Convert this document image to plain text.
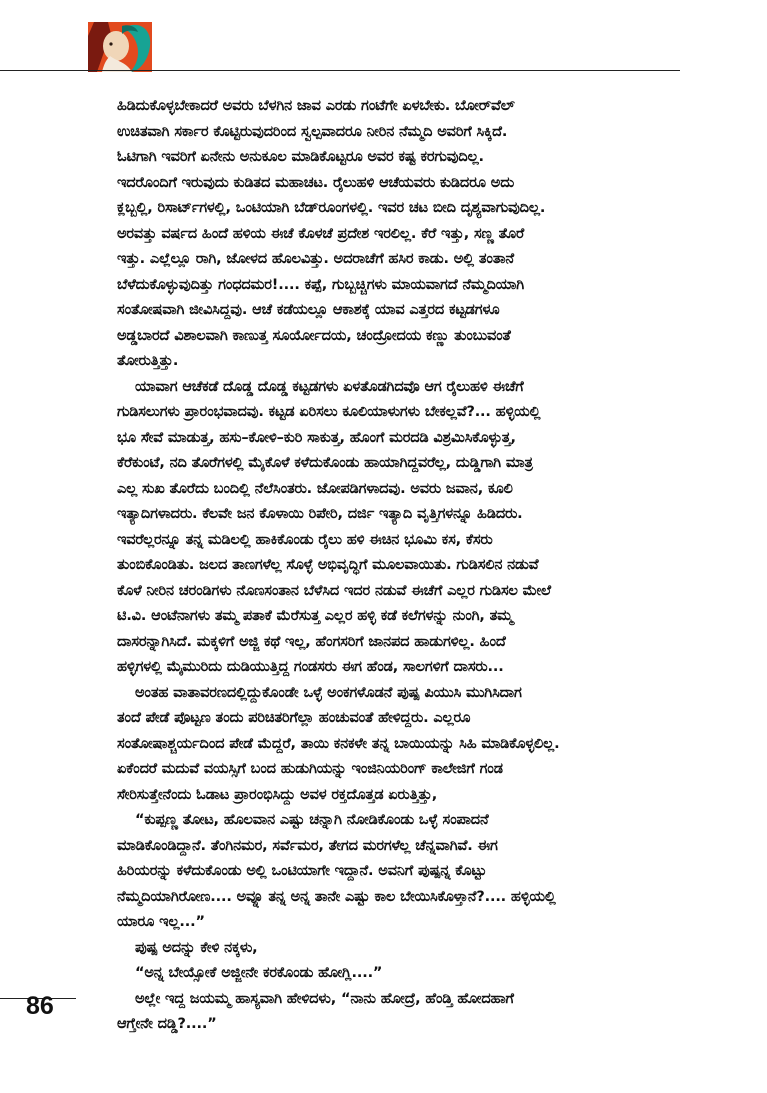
ಹಿಡಿದುಕೊಳ್ಳಬೇಕಾದರೆ ಅವರು ಬೆಳಗಿನ ಜಾವ ಎರಡು ಗಂಟೆಗೇ ಏಳಬೇಕು. ಬೋರ್‌ವೆಲ್
ಉಚಿತವಾಗಿ ಸರ್ಕಾರ ಕೊಟ್ಟಿರುವುದರಿಂದ ಸ್ವಲ್ಪವಾದರೂ ನೀರಿನ ನೆಮ್ಮದಿ ಅವರಿಗೆ ಸಿಕ್ಕಿದೆ.
ಓಟಿಗಾಗಿ ಇವರಿಗೆ ಏನೇನು ಅನುಕೂಲ ಮಾಡಿಕೊಟ್ಟರೂ ಅವರ ಕಷ್ಟ ಕರಗುವುದಿಲ್ಲ.
ಇದರೊಂದಿಗೆ ಇರುವುದು ಕುಡಿತದ ಮಹಾಚಟ. ರೈಲುಹಳಿ ಆಚೆಯವರು ಕುಡಿದರೂ ಅದು
ಕ್ಲಬ್ಬಲ್ಲಿ, ರಿಸಾರ್ಟ್‌ಗಳಲ್ಲಿ, ಒಂಟಿಯಾಗಿ ಬೆಡ್‌ರೂಂಗಳಲ್ಲಿ. ಇವರ ಚಟ ಬೀದಿ ದೃಶ್ಯವಾಗುವುದಿಲ್ಲ.
ಅರವತ್ತು ವರ್ಷದ ಹಿಂದೆ ಹಳಿಯ ಈಚೆ ಕೊಳಚೆ ಪ್ರದೇಶ ಇರಲಿಲ್ಲ. ಕೆರೆ ಇತ್ತು, ಸಣ್ಣ ತೊರೆ
ಇತ್ತು. ಎಲ್ಲೆಲ್ಲೂ ರಾಗಿ, ಜೋಳದ ಹೊಲವಿತ್ತು. ಅದರಾಚೆಗೆ ಹಸಿರ ಕಾಡು. ಅಲ್ಲಿ ತಂತಾನೆ
ಬೆಳೆದುಕೊಳ್ಳುವುದಿತ್ತು ಗಂಧದಮರ!.... ಕಪ್ಪೆ, ಗುಬ್ಬಚ್ಚಿಗಳು ಮಾಯವಾಗದೆ ನೆಮ್ಮದಿಯಾಗಿ
ಸಂತೋಷವಾಗಿ ಜೀವಿಸಿದ್ದವು. ಆಚೆ ಕಡೆಯಲ್ಲೂ ಆಕಾಶಕ್ಕೆ ಯಾವ ಎತ್ತರದ ಕಟ್ಟಡಗಳೂ
ಅಡ್ಡಬಾರದೆ ವಿಶಾಲವಾಗಿ ಕಾಣುತ್ತ ಸೂರ್ಯೋದಯ, ಚಂದ್ರೋದಯ ಕಣ್ಣು ತುಂಬುವಂತೆ
ತೋರುತ್ತಿತ್ತು.
ಯಾವಾಗ ಆಚೆಕಡೆ ದೊಡ್ಡ ದೊಡ್ಡ ಕಟ್ಟಡಗಳು ಏಳತೊಡಗಿದವೊ ಆಗ ರೈಲುಹಳಿ ಈಚೆಗೆ
ಗುಡಿಸಲುಗಳು ಪ್ರಾರಂಭವಾದವು. ಕಟ್ಟಡ ಏರಿಸಲು ಕೂಲಿಯಾಳುಗಳು ಬೇಕಲ್ಲವೆ?... ಹಳ್ಳಿಯಲ್ಲಿ
ಭೂ ಸೇವೆ ಮಾಡುತ್ತ, ಹಸು–ಕೋಳಿ–ಕುರಿ ಸಾಕುತ್ತ, ಹೊಂಗೆ ಮರದಡಿ ವಿಶ್ರಮಿಸಿಕೊಳ್ಳುತ್ತ,
ಕೆರೆಕುಂಟೆ, ನದಿ ತೊರೆಗಳಲ್ಲಿ ಮೈಕೊಳೆ ಕಳೆದುಕೊಂಡು ಹಾಯಾಗಿದ್ದವರೆಲ್ಲ, ದುಡ್ಡಿಗಾಗಿ ಮಾತ್ರ
ಎಲ್ಲ ಸುಖ ತೊರೆದು ಬಂದಿಲ್ಲಿ ನೆಲೆಸಿಂತರು. ಜೋಪಡಿಗಳಾದವು. ಅವರು ಜವಾನ, ಕೂಲಿ
ಇತ್ಯಾದಿಗಳಾದರು. ಕೆಲವೇ ಜನ ಕೊಳಾಯಿ ರಿಪೇರಿ, ದರ್ಜಿ ಇತ್ಯಾದಿ ವೃತ್ತಿಗಳನ್ನೂ ಹಿಡಿದರು.
ಇವರೆಲ್ಲರನ್ನೂ ತನ್ನ ಮಡಿಲಲ್ಲಿ ಹಾಕಿಕೊಂಡು ರೈಲು ಹಳಿ ಈಚಿನ ಭೂಮಿ ಕಸ, ಕೆಸರು
ತುಂಬಿಕೊಂಡಿತು. ಜಲದ ತಾಣಗಳೆಲ್ಲ ಸೊಳ್ಳೆ ಅಭಿವೃದ್ಧಿಗೆ ಮೂಲವಾಯಿತು. ಗುಡಿಸಲಿನ ನಡುವೆ
ಕೊಳೆ ನೀರಿನ ಚರಂಡಿಗಳು ನೊಣಸಂತಾನ ಬೆಳೆಸಿದ ಇದರ ನಡುವೆ ಈಚೆಗೆ ಎಲ್ಲರ ಗುಡಿಸಲ ಮೇಲೆ
ಟಿ.ವಿ. ಆಂಟೆನಾಗಳು ತಮ್ಮ ಪತಾಕೆ ಮೆರೆಸುತ್ತ ಎಲ್ಲರ ಹಳ್ಳಿ ಕಡೆ ಕಲೆಗಳನ್ನು ನುಂಗಿ, ತಮ್ಮ
ದಾಸರನ್ನಾಗಿಸಿದೆ. ಮಕ್ಕಳಿಗೆ ಅಜ್ಜಿ ಕಥೆ ಇಲ್ಲ, ಹೆಂಗಸರಿಗೆ ಜಾನಪದ ಹಾಡುಗಳಿಲ್ಲ. ಹಿಂದೆ
ಹಳ್ಳಿಗಳಲ್ಲಿ ಮೈಮುರಿದು ದುಡಿಯುತ್ತಿದ್ದ ಗಂಡಸರು ಈಗ ಹೆಂಡ, ಸಾಲಗಳಿಗೆ ದಾಸರು...
ಅಂತಹ ವಾತಾವರಣದಲ್ಲಿದ್ದುಕೊಂಡೇ ಒಳ್ಳೆ ಅಂಕಗಳೊಡನೆ ಪುಷ್ಪ ಪಿಯುಸಿ ಮುಗಿಸಿದಾಗ
ತಂದೆ ಪೇಡೆ ಪೊಟ್ಟಣ ತಂದು ಪರಿಚಿತರಿಗೆಲ್ಲಾ ಹಂಚುವಂತೆ ಹೇಳಿದ್ದರು. ಎಲ್ಲರೂ
ಸಂತೋಷಾಶ್ಚರ್ಯದಿಂದ ಪೇಡೆ ಮೆದ್ದರೆ, ತಾಯಿ ಕನಕಳೇ ತನ್ನ ಬಾಯಿಯನ್ನು ಸಿಹಿ ಮಾಡಿಕೊಳ್ಳಲಿಲ್ಲ.
ಏಕೆಂದರೆ ಮದುವೆ ವಯಸ್ಸಿಗೆ ಬಂದ ಹುಡುಗಿಯನ್ನು ಇಂಜಿನಿಯರಿಂಗ್ ಕಾಲೇಜಿಗೆ ಗಂಡ
ಸೇರಿಸುತ್ತೇನೆಂದು ಓಡಾಟ ಪ್ರಾರಂಭಿಸಿದ್ದು ಅವಳ ರಕ್ತದೊತ್ತಡ ಏರುತ್ತಿತ್ತು,
“ಕುಪ್ಪಣ್ಣ ತೋಟ, ಹೊಲವಾನ ಎಷ್ಟು ಚನ್ನಾಗಿ ನೋಡಿಕೊಂಡು ಒಳ್ಳೆ ಸಂಪಾದನೆ
ಮಾಡಿಕೊಂಡಿದ್ದಾನೆ. ತೆಂಗಿನಮರ, ಸರ್ವೆಮರ, ತೇಗದ ಮರಗಳೆಲ್ಲ ಚೆನ್ನವಾಗಿವೆ. ಈಗ
ಹಿರಿಯರನ್ನು ಕಳೆದುಕೊಂಡು ಅಲ್ಲಿ ಒಂಟಿಯಾಗೇ ಇದ್ದಾನೆ. ಅವನಿಗೆ ಪುಷ್ಪನ್ನ ಕೊಟ್ಟು
ನೆಮ್ಮದಿಯಾಗಿರೋಣ.... ಅವ್ನೂ ತನ್ನ ಅನ್ನ ತಾನೇ ಎಷ್ಟು ಕಾಲ ಬೇಯಿಸಿಕೊಳ್ತಾನೆ?.... ಹಳ್ಳಿಯಲ್ಲಿ
ಯಾರೂ ಇಲ್ಲ...”
ಪುಷ್ಪ ಅದನ್ನು ಕೇಳಿ ನಕ್ಕಳು,
“ಅನ್ನ ಬೇಯ್ಸೋಕೆ ಅಜ್ಜೀನೇ ಕರಕೊಂಡು ಹೋಗ್ಲಿ....”
ಅಲ್ಲೇ ಇದ್ದ ಜಯಮ್ಮ ಹಾಸ್ಯವಾಗಿ ಹೇಳಿದಳು, “ನಾನು ಹೋದ್ರೆ, ಹೆಂಡ್ತಿ ಹೋದಹಾಗೆ
ಆಗ್ತೇನೇ ದಡ್ಡಿ?....”
86
